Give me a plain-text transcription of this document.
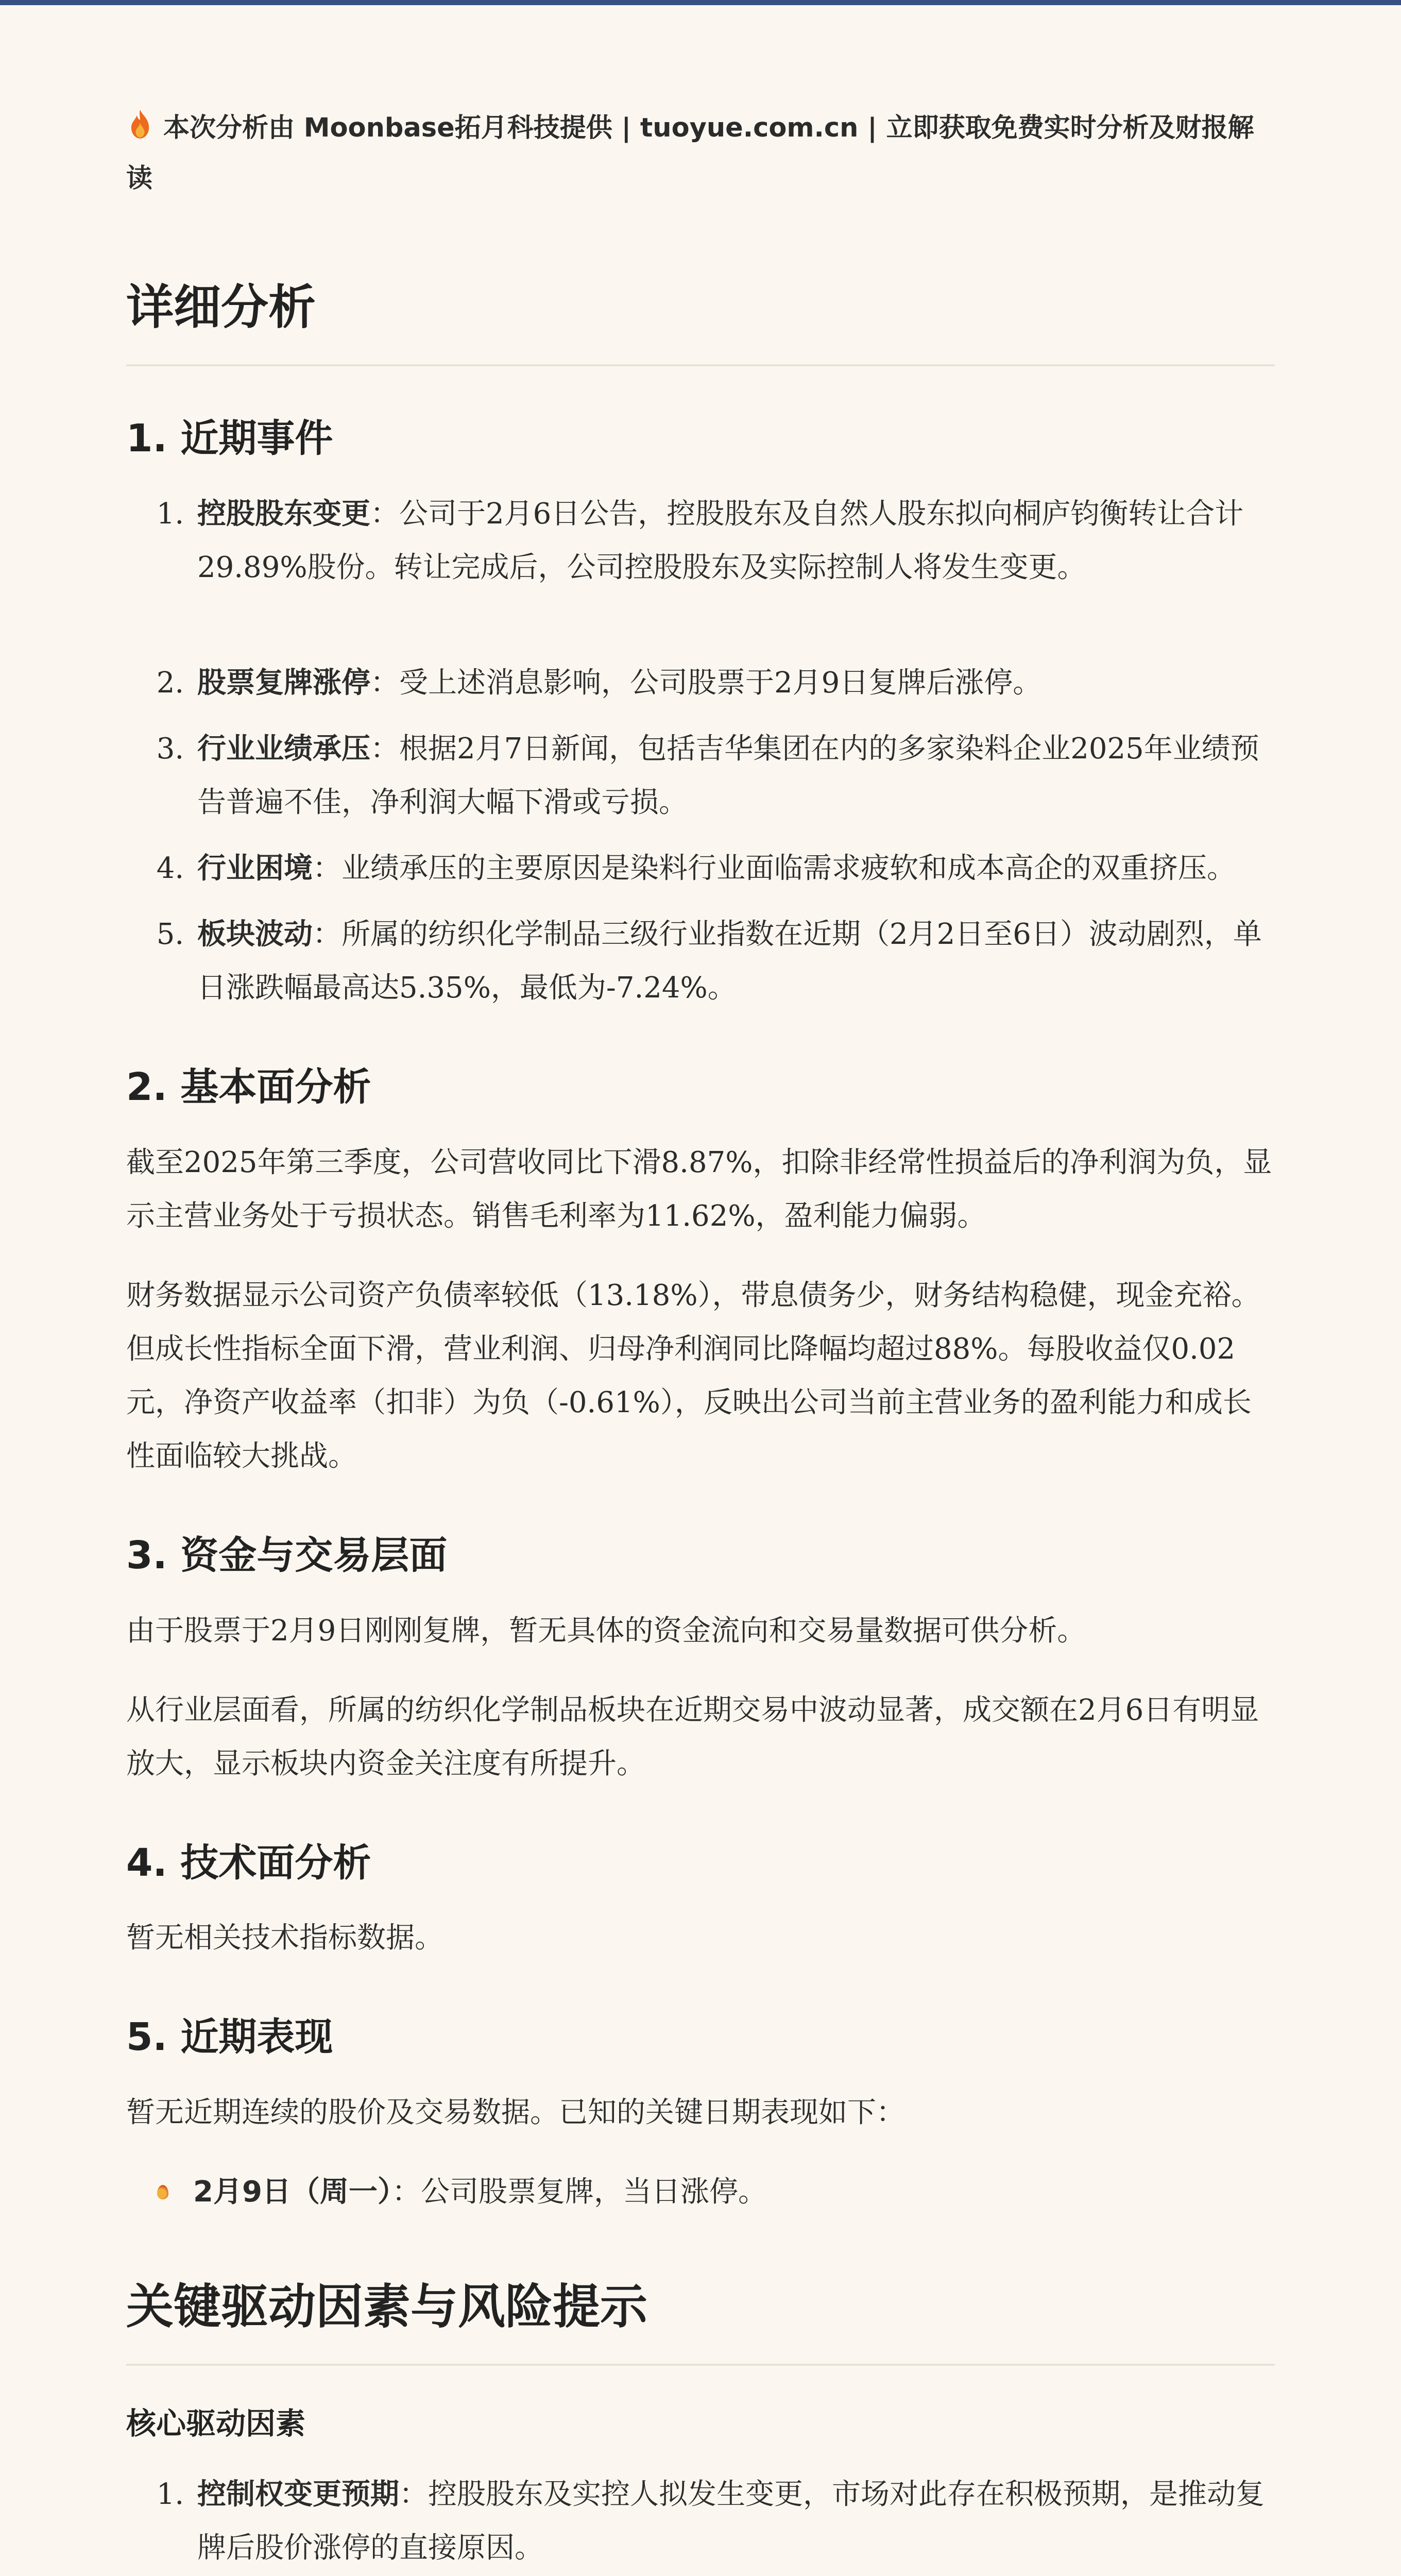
本次分析由 Moonbase拓月科技提供 | tuoyue.com.cn | 立即获取免费实时分析及财报解读
详细分析
1. 近期事件
1. 控股股东变更：公司于2月6日公告，控股股东及自然人股东拟向桐庐钧衡转让合计29.89%股份。转让完成后，公司控股股东及实际控制人将发生变更。
2. 股票复牌涨停：受上述消息影响，公司股票于2月9日复牌后涨停。
3. 行业业绩承压：根据2月7日新闻，包括吉华集团在内的多家染料企业2025年业绩预告普遍不佳，净利润大幅下滑或亏损。
4. 行业困境：业绩承压的主要原因是染料行业面临需求疲软和成本高企的双重挤压。
5. 板块波动：所属的纺织化学制品三级行业指数在近期（2月2日至6日）波动剧烈，单日涨跌幅最高达5.35%，最低为-7.24%。
2. 基本面分析

截至2025年第三季度，公司营收同比下滑8.87%，扣除非经常性损益后的净利润为负，显示主营业务处于亏损状态。销售毛利率为11.62%，盈利能力偏弱。

财务数据显示公司资产负债率较低（13.18%），带息债务少，财务结构稳健，现金充裕。但成长性指标全面下滑，营业利润、归母净利润同比降幅均超过88%。每股收益仅0.02元，净资产收益率（扣非）为负（-0.61%），反映出公司当前主营业务的盈利能力和成长性面临较大挑战。

3. 资金与交易层面

由于股票于2月9日刚刚复牌，暂无具体的资金流向和交易量数据可供分析。

从行业层面看，所属的纺织化学制品板块在近期交易中波动显著，成交额在2月6日有明显放大，显示板块内资金关注度有所提升。

4. 技术面分析

暂无相关技术指标数据。

5. 近期表现

暂无近期连续的股价及交易数据。已知的关键日期表现如下：

2月9日（周一）：公司股票复牌，当日涨停。
关键驱动因素与风险提示
核心驱动因素
1. 控制权变更预期：控股股东及实控人拟发生变更，市场对此存在积极预期，是推动复牌后股价涨停的直接原因。
